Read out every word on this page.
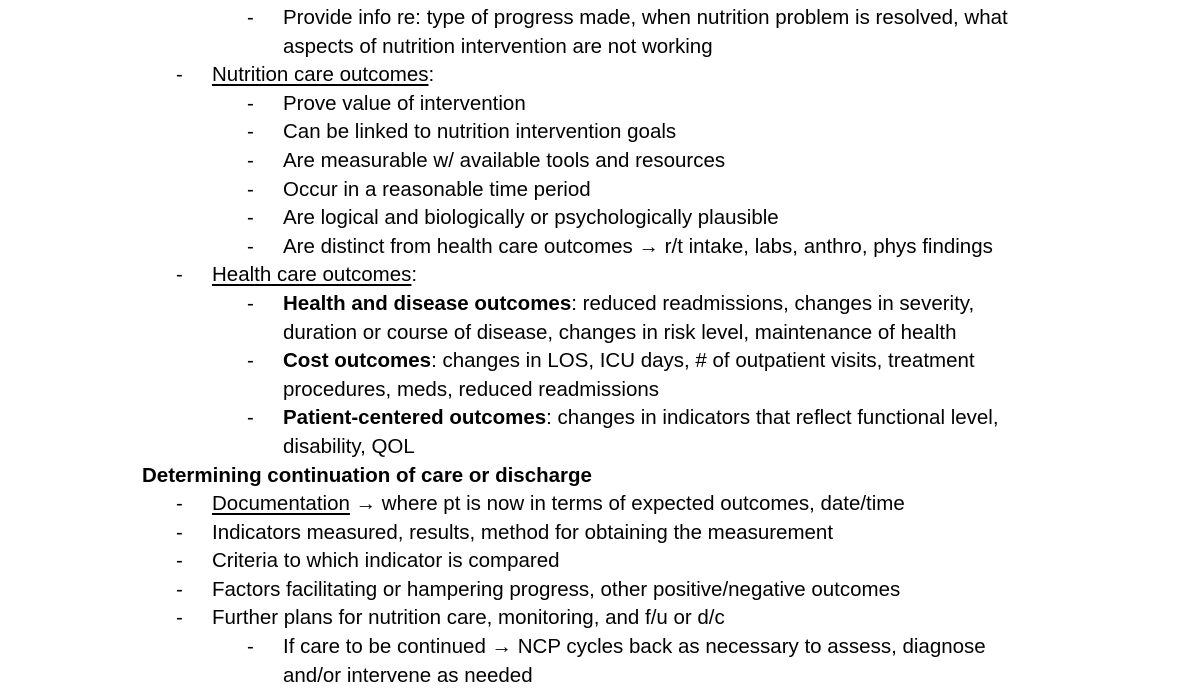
- Provide info re: type of progress made, when nutrition problem is resolved, what
aspects of nutrition intervention are not working
- Nutrition care outcomes:
- Prove value of intervention
- Can be linked to nutrition intervention goals
- Are measurable w/ available tools and resources
- Occur in a reasonable time period
- Are logical and biologically or psychologically plausible
- Are distinct from health care outcomes → r/t intake, labs, anthro, phys findings
- Health care outcomes:
- Health and disease outcomes: reduced readmissions, changes in severity,
duration or course of disease, changes in risk level, maintenance of health
- Cost outcomes: changes in LOS, ICU days, # of outpatient visits, treatment
procedures, meds, reduced readmissions
- Patient-centered outcomes: changes in indicators that reflect functional level,
disability, QOL
Determining continuation of care or discharge
- Documentation → where pt is now in terms of expected outcomes, date/time
- Indicators measured, results, method for obtaining the measurement
- Criteria to which indicator is compared
- Factors facilitating or hampering progress, other positive/negative outcomes
- Further plans for nutrition care, monitoring, and f/u or d/c
- If care to be continued → NCP cycles back as necessary to assess, diagnose
and/or intervene as needed
